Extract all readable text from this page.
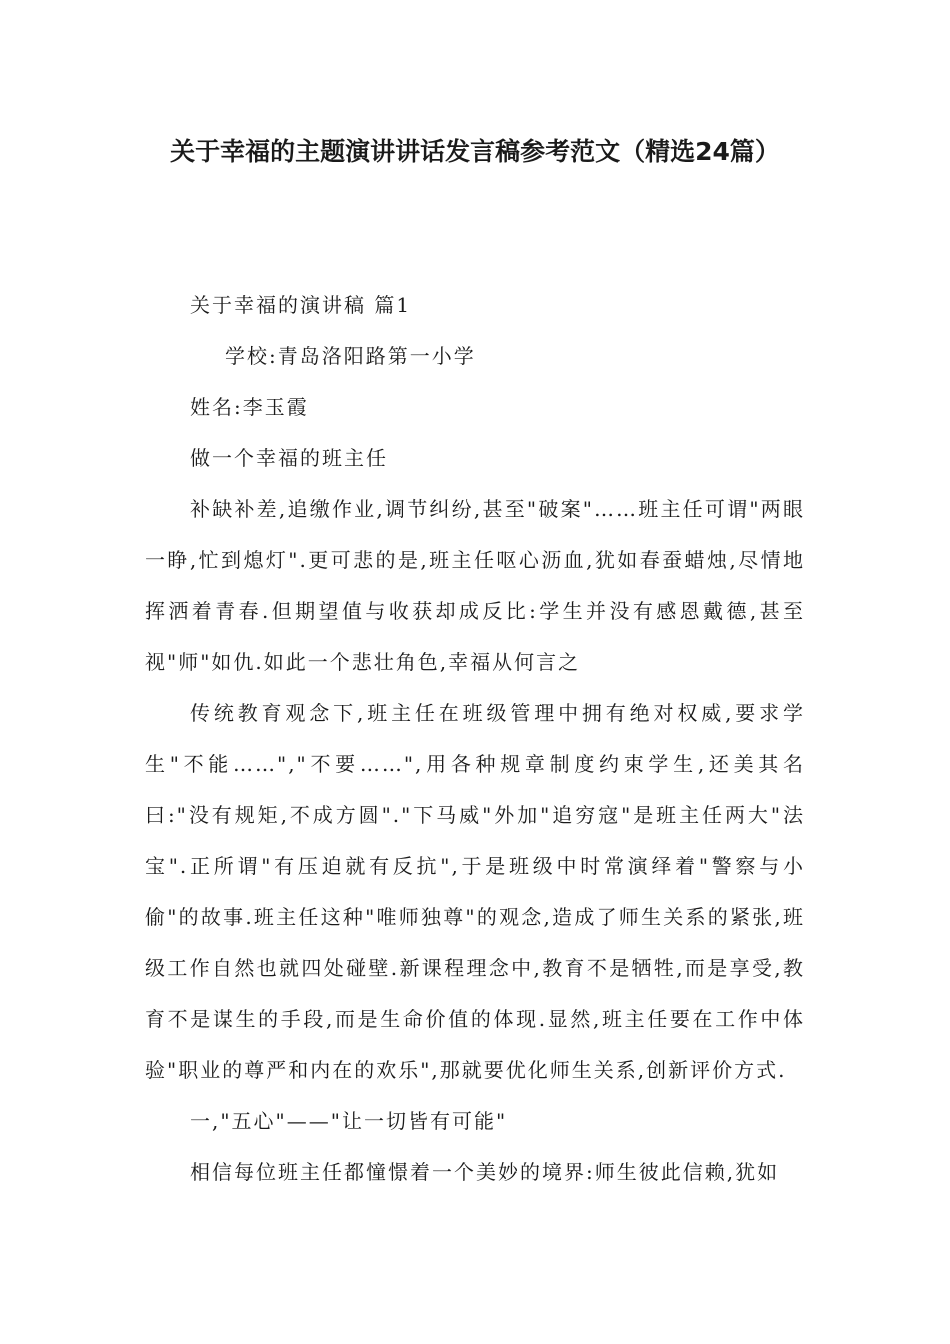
关于幸福的主题演讲讲话发言稿参考范文（精选24篇）

关于幸福的演讲稿 篇1

学校:青岛洛阳路第一小学

姓名:李玉霞

做一个幸福的班主任

补缺补差,追缴作业,调节纠纷,甚至"破案"……班主任可谓"两眼一睁,忙到熄灯".更可悲的是,班主任呕心沥血,犹如春蚕蜡烛,尽情地挥洒着青春.但期望值与收获却成反比:学生并没有感恩戴德,甚至视"师"如仇.如此一个悲壮角色,幸福从何言之

传统教育观念下,班主任在班级管理中拥有绝对权威,要求学生"不能……","不要……",用各种规章制度约束学生,还美其名曰:"没有规矩,不成方圆"."下马威"外加"追穷寇"是班主任两大"法宝".正所谓"有压迫就有反抗",于是班级中时常演绎着"警察与小偷"的故事.班主任这种"唯师独尊"的观念,造成了师生关系的紧张,班级工作自然也就四处碰壁.新课程理念中,教育不是牺牲,而是享受,教育不是谋生的手段,而是生命价值的体现.显然,班主任要在工作中体验"职业的尊严和内在的欢乐",那就要优化师生关系,创新评价方式.

一,"五心"——"让一切皆有可能"

相信每位班主任都憧憬着一个美妙的境界:师生彼此信赖,犹如
